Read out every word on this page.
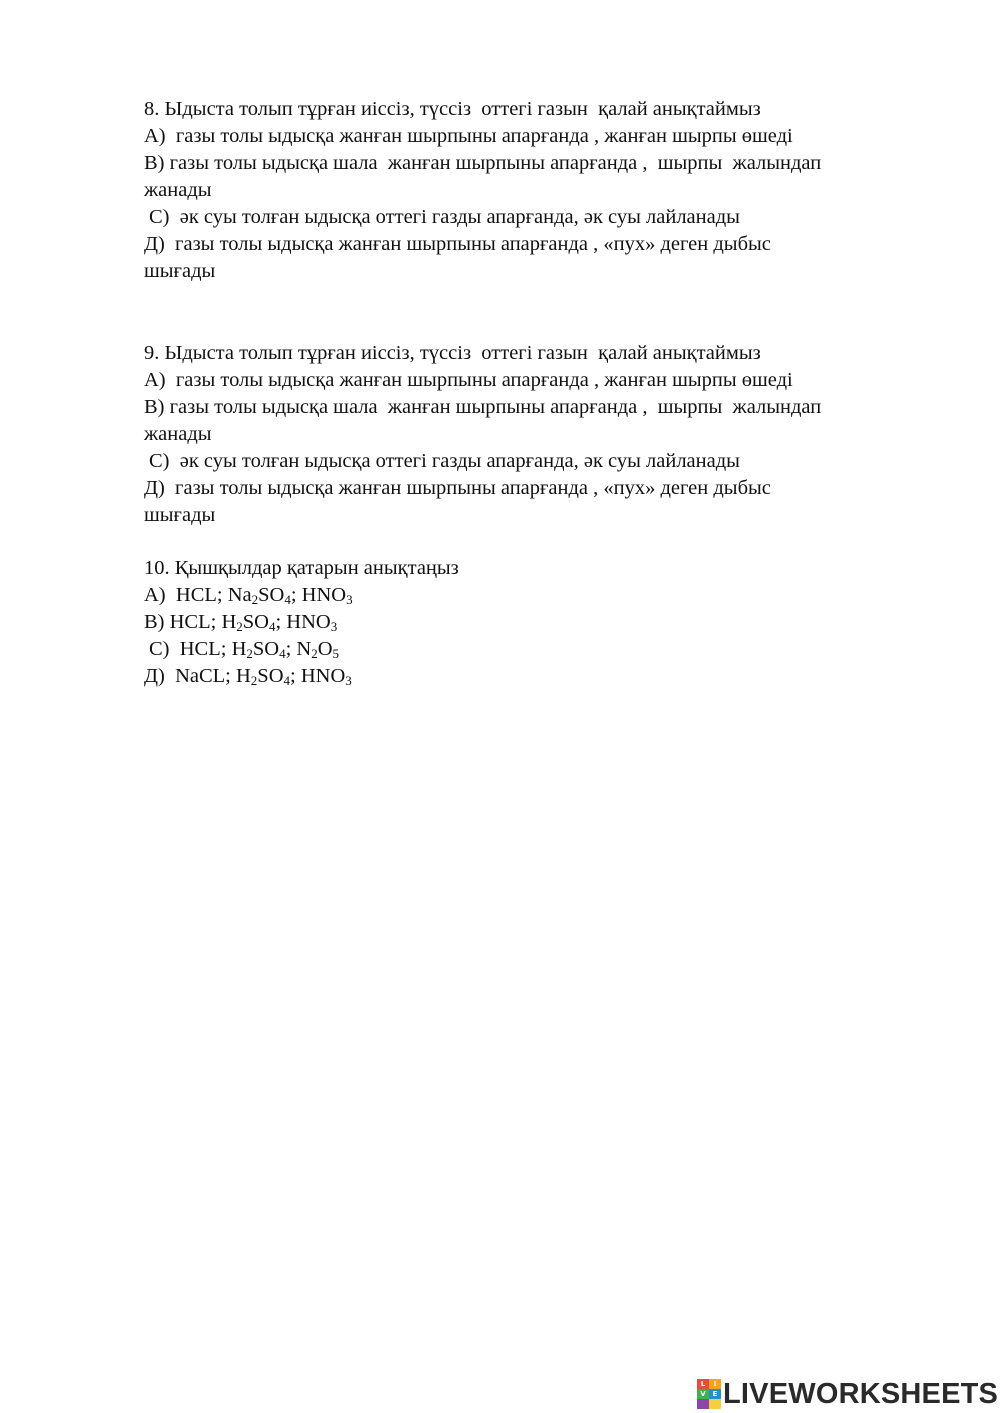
8. Ыдыста толып тұрған иіссіз, түссіз  оттегі газын  қалай анықтаймыз
А)  газы толы ыдысқа жанған шырпыны апарғанда , жанған шырпы өшеді
В) газы толы ыдысқа шала  жанған шырпыны апарғанда ,  шырпы  жалындап
жанады
С)  әк суы толған ыдысқа оттегі газды апарғанда, әк суы лайланады
Д)  газы толы ыдысқа жанған шырпыны апарғанда , «пух» деген дыбыс
шығады
9. Ыдыста толып тұрған иіссіз, түссіз  оттегі газын  қалай анықтаймыз
А)  газы толы ыдысқа жанған шырпыны апарғанда , жанған шырпы өшеді
В) газы толы ыдысқа шала  жанған шырпыны апарғанда ,  шырпы  жалындап
жанады
С)  әк суы толған ыдысқа оттегі газды апарғанда, әк суы лайланады
Д)  газы толы ыдысқа жанған шырпыны апарғанда , «пух» деген дыбыс
шығады
10. Қышқылдар қатарын анықтаңыз
А)  HCL; $Na_2SO_4$; $HNO_3$
В) HCL; $H_2SO_4$; $HNO_3$
С)  HCL; $H_2SO_4$; $N_2O_5$
Д)  NaCL; $H_2SO_4$; $HNO_3$
L	I
V E LIVEWORKSHEETS
